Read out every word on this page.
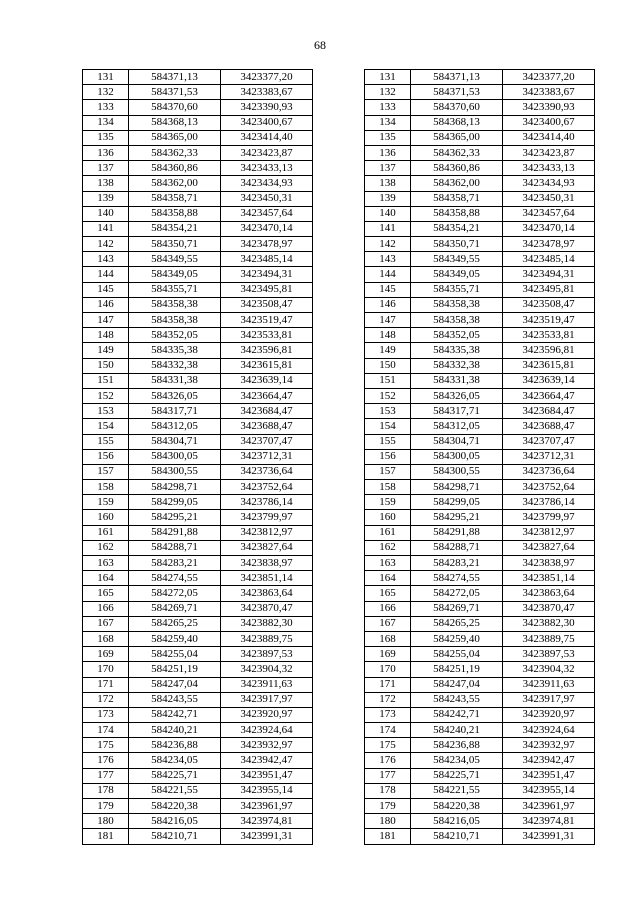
68
131	584371,13	3423377,20		131	584371,13	3423377,20
132	584371,53	3423383,67		132	584371,53	3423383,67
133	584370,60	3423390,93		133	584370,60	3423390,93
134	584368,13	3423400,67		134	584368,13	3423400,67
135	584365,00	3423414,40		135	584365,00	3423414,40
136	584362,33	3423423,87		136	584362,33	3423423,87
137	584360,86	3423433,13		137	584360,86	3423433,13
138	584362,00	3423434,93		138	584362,00	3423434,93
139	584358,71	3423450,31		139	584358,71	3423450,31
140	584358,88	3423457,64		140	584358,88	3423457,64
141	584354,21	3423470,14		141	584354,21	3423470,14
142	584350,71	3423478,97		142	584350,71	3423478,97
143	584349,55	3423485,14		143	584349,55	3423485,14
144	584349,05	3423494,31		144	584349,05	3423494,31
145	584355,71	3423495,81		145	584355,71	3423495,81
146	584358,38	3423508,47		146	584358,38	3423508,47
147	584358,38	3423519,47		147	584358,38	3423519,47
148	584352,05	3423533,81		148	584352,05	3423533,81
149	584335,38	3423596,81		149	584335,38	3423596,81
150	584332,38	3423615,81		150	584332,38	3423615,81
151	584331,38	3423639,14		151	584331,38	3423639,14
152	584326,05	3423664,47		152	584326,05	3423664,47
153	584317,71	3423684,47		153	584317,71	3423684,47
154	584312,05	3423688,47		154	584312,05	3423688,47
155	584304,71	3423707,47		155	584304,71	3423707,47
156	584300,05	3423712,31		156	584300,05	3423712,31
157	584300,55	3423736,64		157	584300,55	3423736,64
158	584298,71	3423752,64		158	584298,71	3423752,64
159	584299,05	3423786,14		159	584299,05	3423786,14
160	584295,21	3423799,97		160	584295,21	3423799,97
161	584291,88	3423812,97		161	584291,88	3423812,97
162	584288,71	3423827,64		162	584288,71	3423827,64
163	584283,21	3423838,97		163	584283,21	3423838,97
164	584274,55	3423851,14		164	584274,55	3423851,14
165	584272,05	3423863,64		165	584272,05	3423863,64
166	584269,71	3423870,47		166	584269,71	3423870,47
167	584265,25	3423882,30		167	584265,25	3423882,30
168	584259,40	3423889,75		168	584259,40	3423889,75
169	584255,04	3423897,53		169	584255,04	3423897,53
170	584251,19	3423904,32		170	584251,19	3423904,32
171	584247,04	3423911,63		171	584247,04	3423911,63
172	584243,55	3423917,97		172	584243,55	3423917,97
173	584242,71	3423920,97		173	584242,71	3423920,97
174	584240,21	3423924,64		174	584240,21	3423924,64
175	584236,88	3423932,97		175	584236,88	3423932,97
176	584234,05	3423942,47		176	584234,05	3423942,47
177	584225,71	3423951,47		177	584225,71	3423951,47
178	584221,55	3423955,14		178	584221,55	3423955,14
179	584220,38	3423961,97		179	584220,38	3423961,97
180	584216,05	3423974,81		180	584216,05	3423974,81
181	584210,71	3423991,31		181	584210,71	3423991,31
